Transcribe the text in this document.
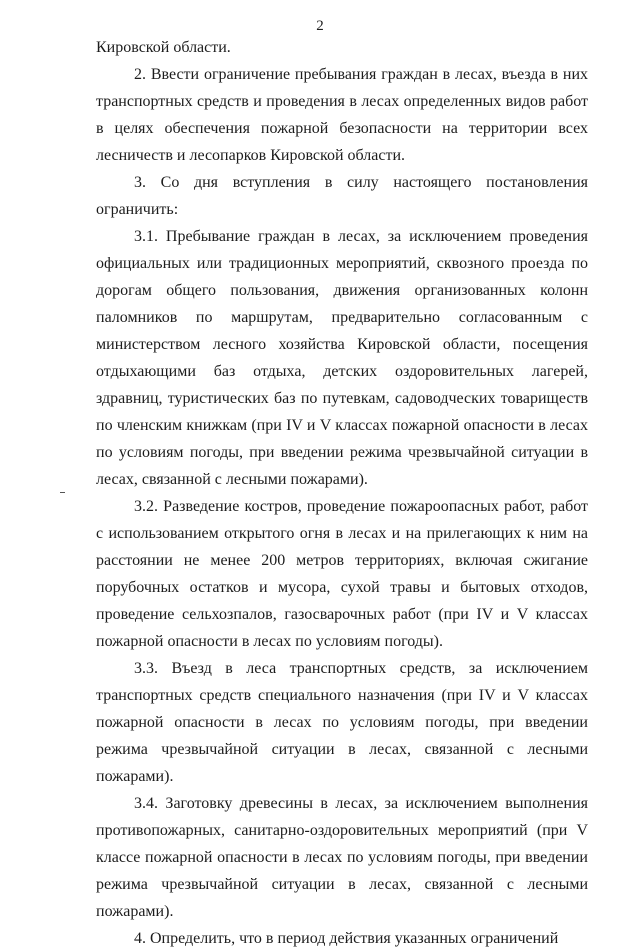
2

Кировской области.

2. Ввести ограничение пребывания граждан в лесах, въезда в них транспортных средств и проведения в лесах определенных видов работ в целях обеспечения пожарной безопасности на территории всех лесничеств и лесопарков Кировской области.

3. Со дня вступления в силу настоящего постановления ограничить:

3.1. Пребывание граждан в лесах, за исключением проведения официальных или традиционных мероприятий, сквозного проезда по дорогам общего пользования, движения организованных колонн паломников по маршрутам, предварительно согласованным с министерством лесного хозяйства Кировской области, посещения отдыхающими баз отдыха, детских оздоровительных лагерей, здравниц, туристических баз по путевкам, садоводческих товариществ по членским книжкам (при IV и V классах пожарной опасности в лесах по условиям погоды, при введении режима чрезвычайной ситуации в лесах, связанной с лесными пожарами).

3.2. Разведение костров, проведение пожароопасных работ, работ с использованием открытого огня в лесах и на прилегающих к ним на расстоянии не менее 200 метров территориях, включая сжигание порубочных остатков и мусора, сухой травы и бытовых отходов, проведение сельхозпалов, газосварочных работ (при IV и V классах пожарной опасности в лесах по условиям погоды).

3.3. Въезд в леса транспортных средств, за исключением транспортных средств специального назначения (при IV и V классах пожарной опасности в лесах по условиям погоды, при введении режима чрезвычайной ситуации в лесах, связанной с лесными пожарами).

3.4. Заготовку древесины в лесах, за исключением выполнения противопожарных, санитарно-оздоровительных мероприятий (при V классе пожарной опасности в лесах по условиям погоды, при введении режима чрезвычайной ситуации в лесах, связанной с лесными пожарами).

4. Определить, что в период действия указанных ограничений
